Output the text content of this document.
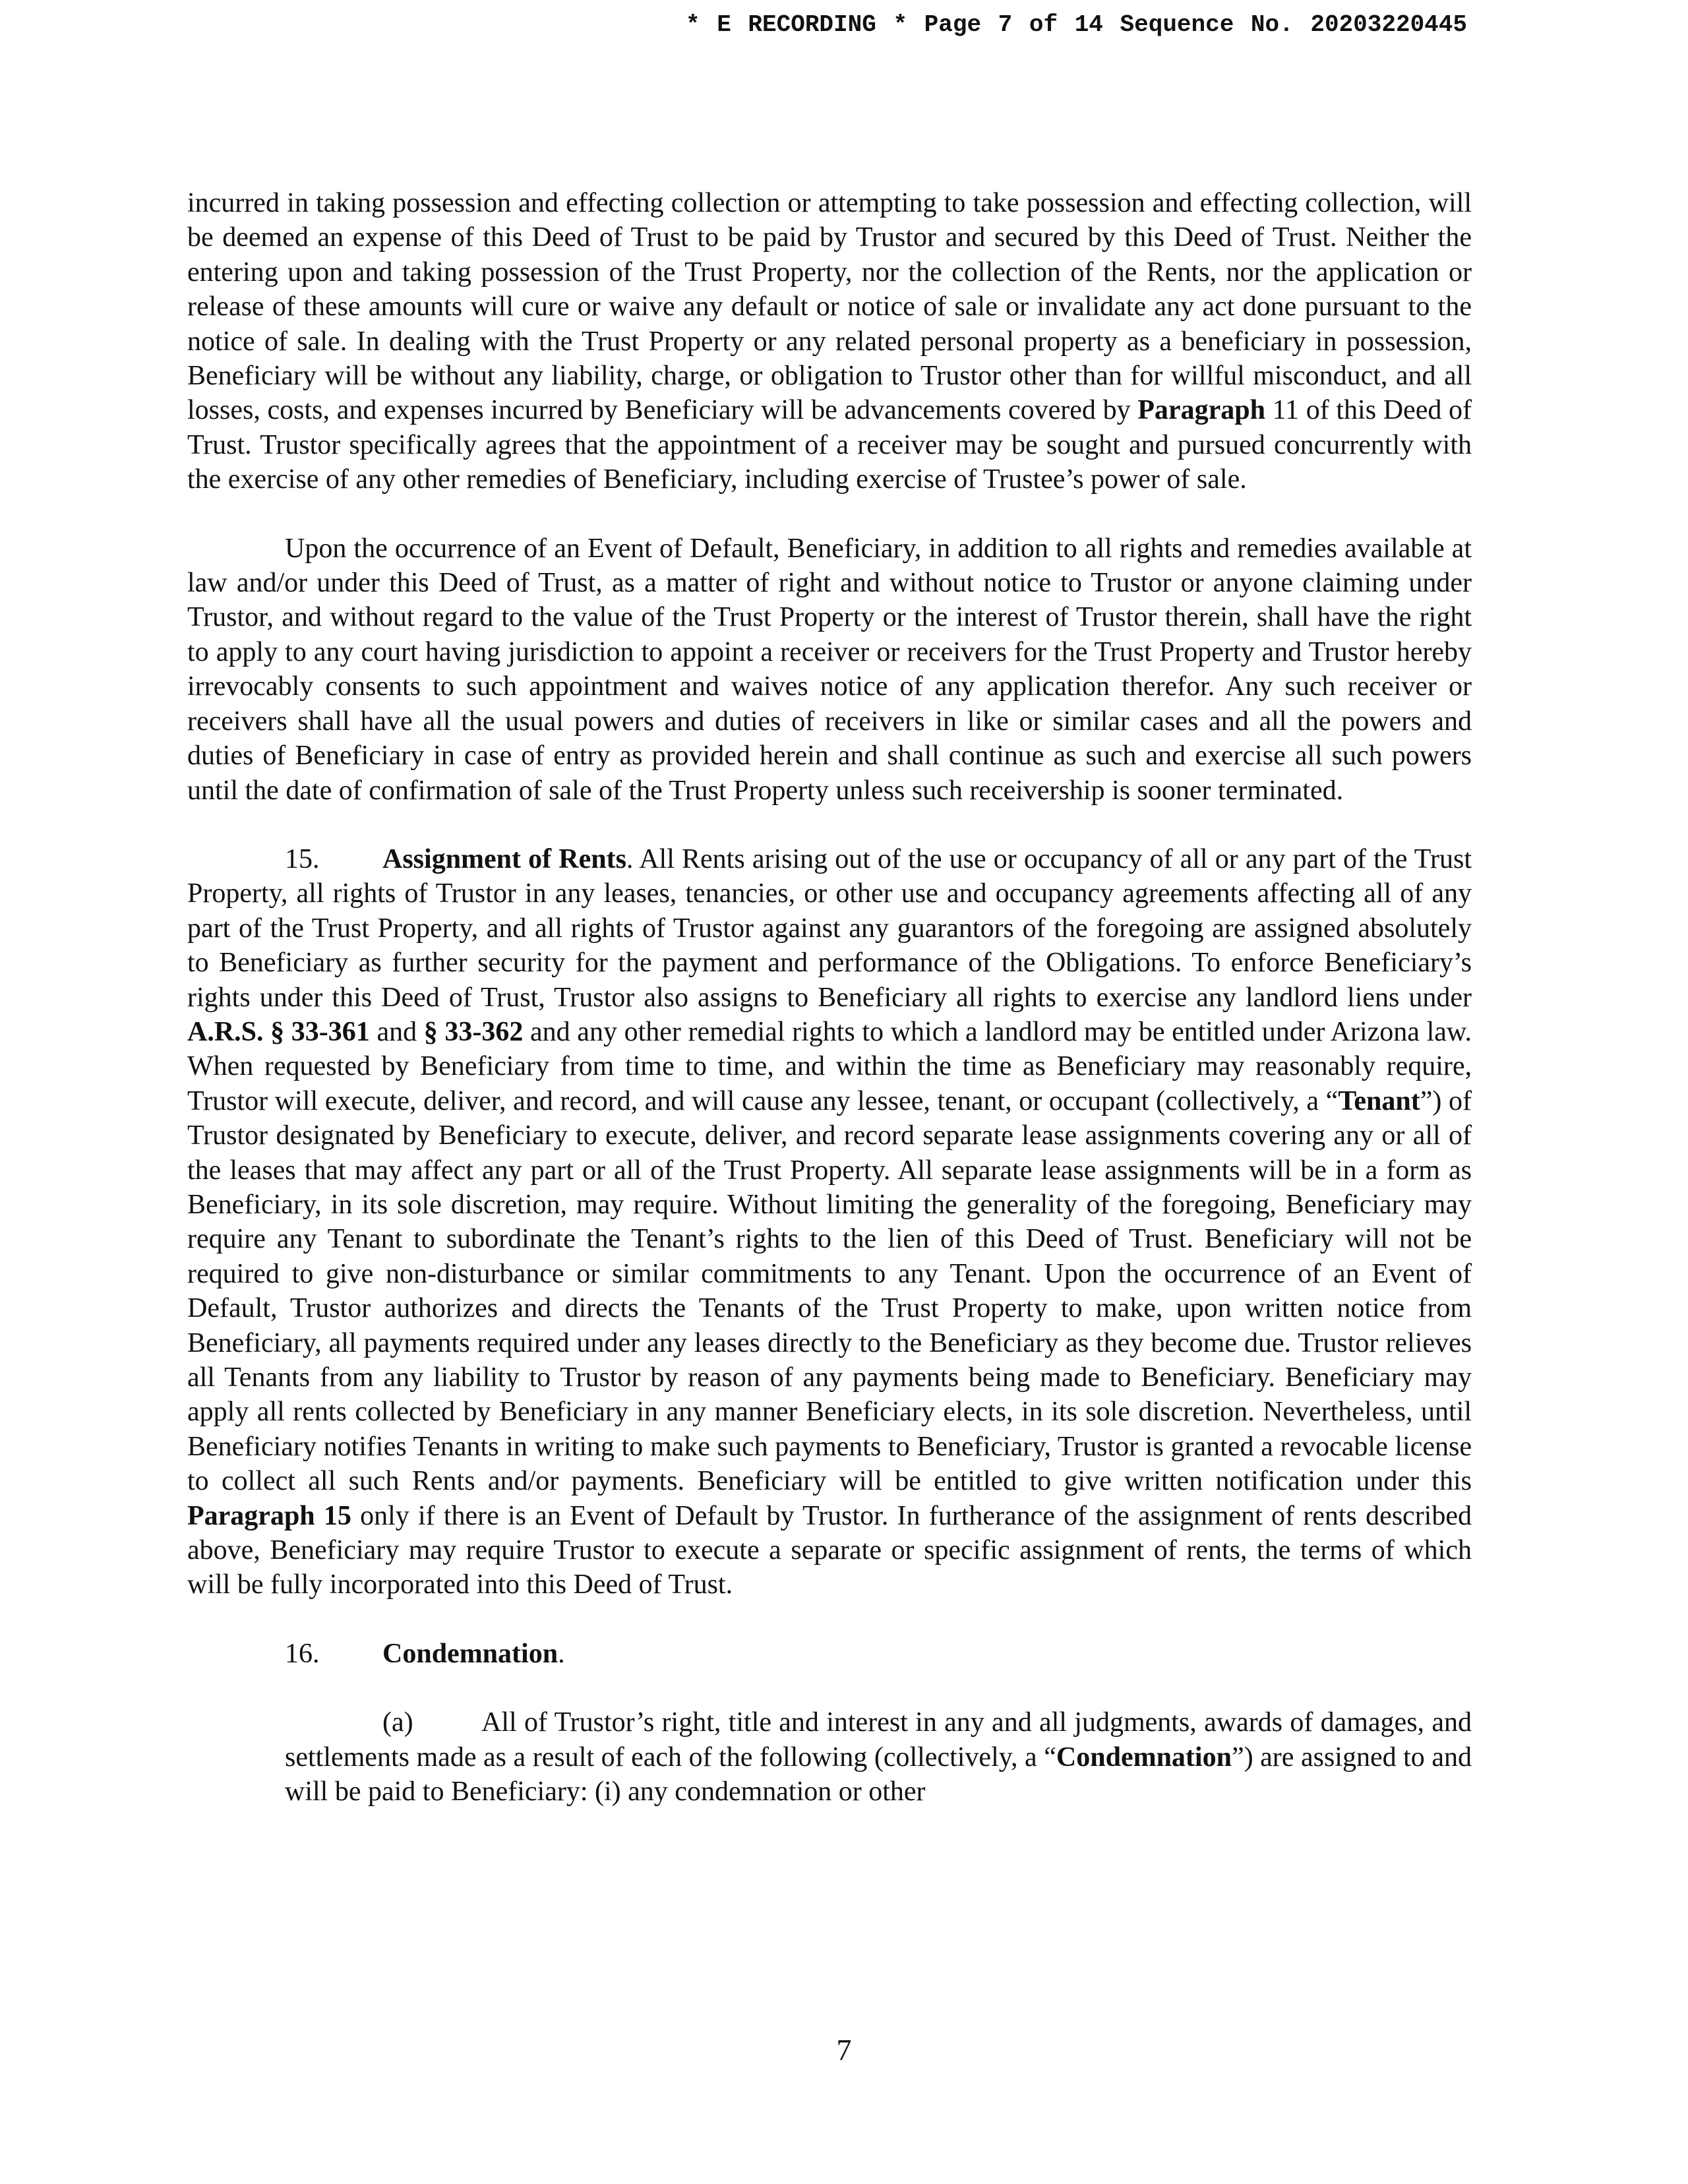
* E RECORDING * Page 7 of 14 Sequence No. 20203220445

incurred in taking possession and effecting collection or attempting to take possession and effecting collection, will be deemed an expense of this Deed of Trust to be paid by Trustor and secured by this Deed of Trust. Neither the entering upon and taking possession of the Trust Property, nor the collection of the Rents, nor the application or release of these amounts will cure or waive any default or notice of sale or invalidate any act done pursuant to the notice of sale. In dealing with the Trust Property or any related personal property as a beneficiary in possession, Beneficiary will be without any liability, charge, or obligation to Trustor other than for willful misconduct, and all losses, costs, and expenses incurred by Beneficiary will be advancements covered by Paragraph 11 of this Deed of Trust. Trustor specifically agrees that the appointment of a receiver may be sought and pursued concurrently with the exercise of any other remedies of Beneficiary, including exercise of Trustee’s power of sale.

Upon the occurrence of an Event of Default, Beneficiary, in addition to all rights and remedies available at law and/or under this Deed of Trust, as a matter of right and without notice to Trustor or anyone claiming under Trustor, and without regard to the value of the Trust Property or the interest of Trustor therein, shall have the right to apply to any court having jurisdiction to appoint a receiver or receivers for the Trust Property and Trustor hereby irrevocably consents to such appointment and waives notice of any application therefor. Any such receiver or receivers shall have all the usual powers and duties of receivers in like or similar cases and all the powers and duties of Beneficiary in case of entry as provided herein and shall continue as such and exercise all such powers until the date of confirmation of sale of the Trust Property unless such receivership is sooner terminated.

15. Assignment of Rents. All Rents arising out of the use or occupancy of all or any part of the Trust Property, all rights of Trustor in any leases, tenancies, or other use and occupancy agreements affecting all of any part of the Trust Property, and all rights of Trustor against any guarantors of the foregoing are assigned absolutely to Beneficiary as further security for the payment and performance of the Obligations. To enforce Beneficiary’s rights under this Deed of Trust, Trustor also assigns to Beneficiary all rights to exercise any landlord liens under A.R.S. § 33-361 and § 33-362 and any other remedial rights to which a landlord may be entitled under Arizona law. When requested by Beneficiary from time to time, and within the time as Beneficiary may reasonably require, Trustor will execute, deliver, and record, and will cause any lessee, tenant, or occupant (collectively, a “Tenant”) of Trustor designated by Beneficiary to execute, deliver, and record separate lease assignments covering any or all of the leases that may affect any part or all of the Trust Property. All separate lease assignments will be in a form as Beneficiary, in its sole discretion, may require. Without limiting the generality of the foregoing, Beneficiary may require any Tenant to subordinate the Tenant’s rights to the lien of this Deed of Trust. Beneficiary will not be required to give non-disturbance or similar commitments to any Tenant. Upon the occurrence of an Event of Default, Trustor authorizes and directs the Tenants of the Trust Property to make, upon written notice from Beneficiary, all payments required under any leases directly to the Beneficiary as they become due. Trustor relieves all Tenants from any liability to Trustor by reason of any payments being made to Beneficiary. Beneficiary may apply all rents collected by Beneficiary in any manner Beneficiary elects, in its sole discretion. Nevertheless, until Beneficiary notifies Tenants in writing to make such payments to Beneficiary, Trustor is granted a revocable license to collect all such Rents and/or payments. Beneficiary will be entitled to give written notification under this Paragraph 15 only if there is an Event of Default by Trustor. In furtherance of the assignment of rents described above, Beneficiary may require Trustor to execute a separate or specific assignment of rents, the terms of which will be fully incorporated into this Deed of Trust.

16. Condemnation.

(a) All of Trustor’s right, title and interest in any and all judgments, awards of damages, and settlements made as a result of each of the following (collectively, a “Condemnation”) are assigned to and will be paid to Beneficiary: (i) any condemnation or other

7
